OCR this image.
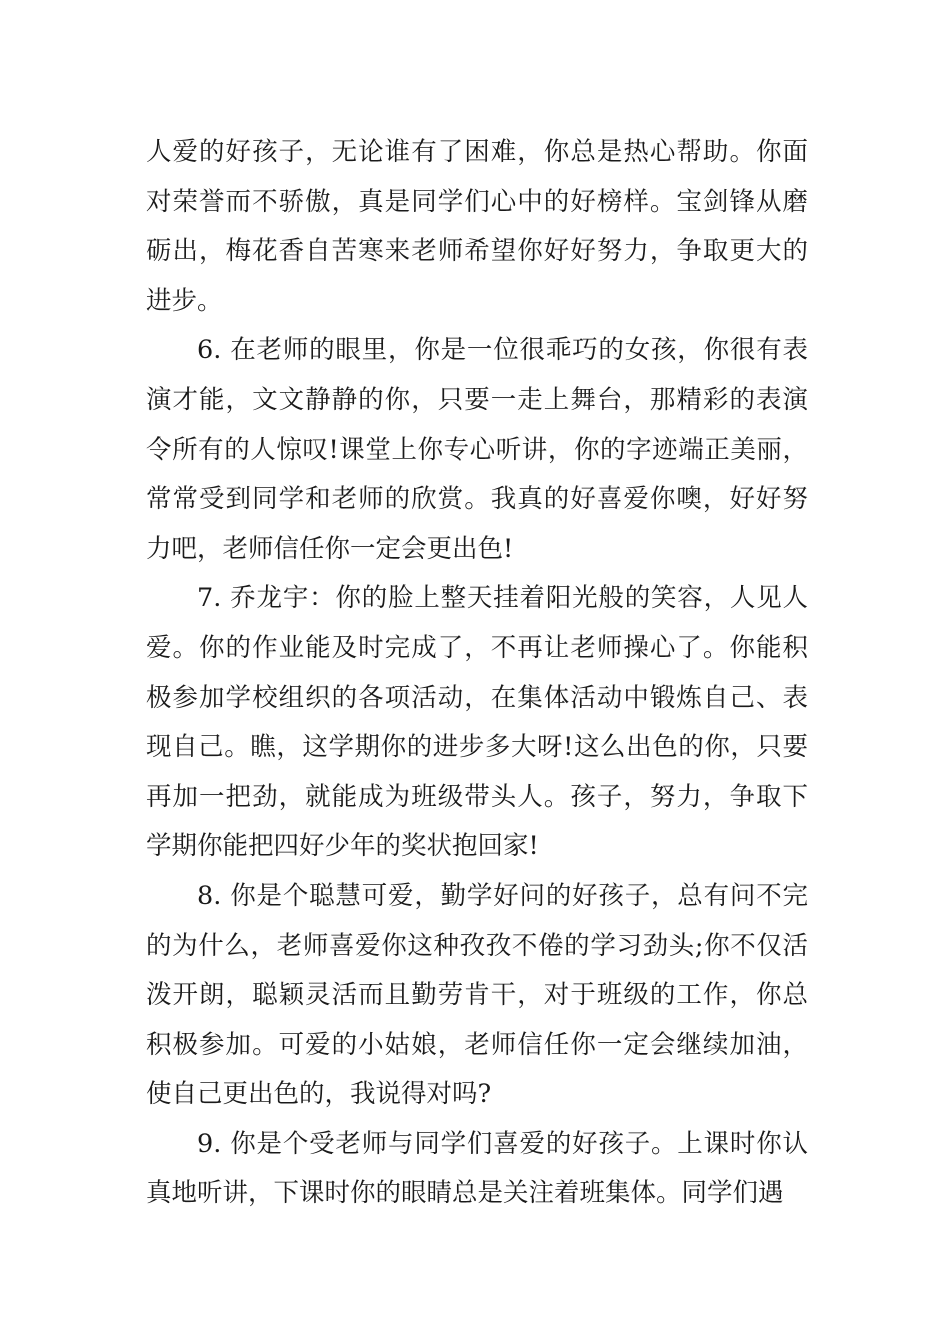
人爱的好孩子，无论谁有了困难，你总是热心帮助。你面对荣誉而不骄傲，真是同学们心中的好榜样。宝剑锋从磨砺出，梅花香自苦寒来老师希望你好好努力，争取更大的进步。

6. 在老师的眼里，你是一位很乖巧的女孩，你很有表演才能，文文静静的你，只要一走上舞台，那精彩的表演令所有的人惊叹!课堂上你专心听讲，你的字迹端正美丽，常常受到同学和老师的欣赏。我真的好喜爱你噢，好好努力吧，老师信任你一定会更出色!

7. 乔龙宇：你的脸上整天挂着阳光般的笑容，人见人爱。你的作业能及时完成了，不再让老师操心了。你能积极参加学校组织的各项活动，在集体活动中锻炼自己、表现自己。瞧，这学期你的进步多大呀!这么出色的你，只要再加一把劲，就能成为班级带头人。孩子，努力，争取下学期你能把四好少年的奖状抱回家!

8. 你是个聪慧可爱，勤学好问的好孩子，总有问不完的为什么，老师喜爱你这种孜孜不倦的学习劲头;你不仅活泼开朗，聪颖灵活而且勤劳肯干，对于班级的工作，你总积极参加。可爱的小姑娘，老师信任你一定会继续加油，使自己更出色的，我说得对吗?

9. 你是个受老师与同学们喜爱的好孩子。上课时你认真地听讲，下课时你的眼睛总是关注着班集体。同学们遇
